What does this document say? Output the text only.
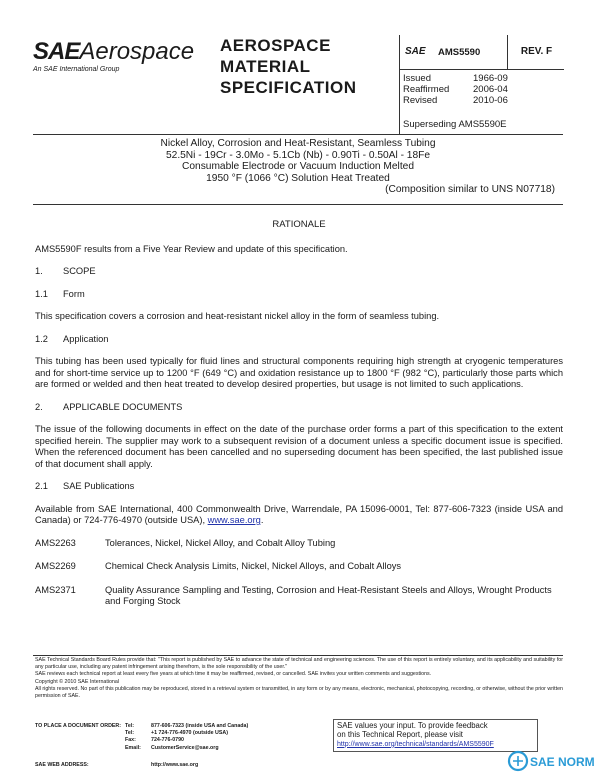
SAEAerospace
An SAE International Group
AEROSPACE
MATERIAL
SPECIFICATION
SAE AMS5590	REV. F
Issued	1966-09
Reaffirmed 2006-04
Revised	2010-06
Superseding AMS5590E
Nickel Alloy, Corrosion and Heat-Resistant, Seamless Tubing
52.5Ni - 19Cr - 3.0Mo - 5.1Cb (Nb) - 0.90Ti - 0.50Al - 18Fe
Consumable Electrode or Vacuum Induction Melted
1950 °F (1066 °C) Solution Heat Treated
(Composition similar to UNS N07718)
RATIONALE

AMS5590F results from a Five Year Review and update of this specification.

1. SCOPE
1.1 Form

This specification covers a corrosion and heat-resistant nickel alloy in the form of seamless tubing.

1.2 Application

This tubing has been used typically for fluid lines and structural components requiring high strength at cryogenic temperatures and for short-time service up to 1200 °F (649 °C) and oxidation resistance up to 1800 °F (982 °C), particularly those parts which are formed or welded and then heat treated to develop desired properties, but usage is not limited to such applications.

2. APPLICABLE DOCUMENTS

The issue of the following documents in effect on the date of the purchase order forms a part of this specification to the extent specified herein. The supplier may work to a subsequent revision of a document unless a specific document issue is specified. When the referenced document has been cancelled and no superseding document has been specified, the last published issue of that document shall apply.

2.1 SAE Publications

Available from SAE International, 400 Commonwealth Drive, Warrendale, PA 15096-0001, Tel: 877-606-7323 (inside USA and Canada) or 724-776-4970 (outside USA), www.sae.org.

AMS2263	Tolerances, Nickel, Nickel Alloy, and Cobalt Alloy Tubing
AMS2269	Chemical Check Analysis Limits, Nickel, Nickel Alloys, and Cobalt Alloys
AMS2371	Quality Assurance Sampling and Testing, Corrosion and Heat-Resistant Steels and Alloys, Wrought Products and Forging Stock

SAE Technical Standards Board Rules provide that: "This report is published by SAE to advance the state of technical and engineering sciences. The use of this report is entirely voluntary, and its applicability and suitability for any particular use, including any patent infringement arising therefrom, is the sole responsibility of the user."

SAE reviews each technical report at least every five years at which time it may be reaffirmed, revised, or cancelled. SAE invites your written comments and suggestions.

Copyright © 2010 SAE International

All rights reserved. No part of this publication may be reproduced, stored in a retrieval system or transmitted, in any form or by any means, electronic, mechanical, photocopying, recording, or otherwise, without the prior written permission of SAE.

TO PLACE A DOCUMENT ORDER: Tel:	877-606-7323 (inside USA and Canada)
Tel:	+1 724-776-4970 (outside USA)
Fax:	724-776-0790
Email:	CustomerService@sae.org
SAE WEB ADDRESS:	http://www.sae.org
SAE values your input. To provide feedback
on this Technical Report, please visit
http://www.sae.org/technical/standards/AMS5590F
SAE NORM
